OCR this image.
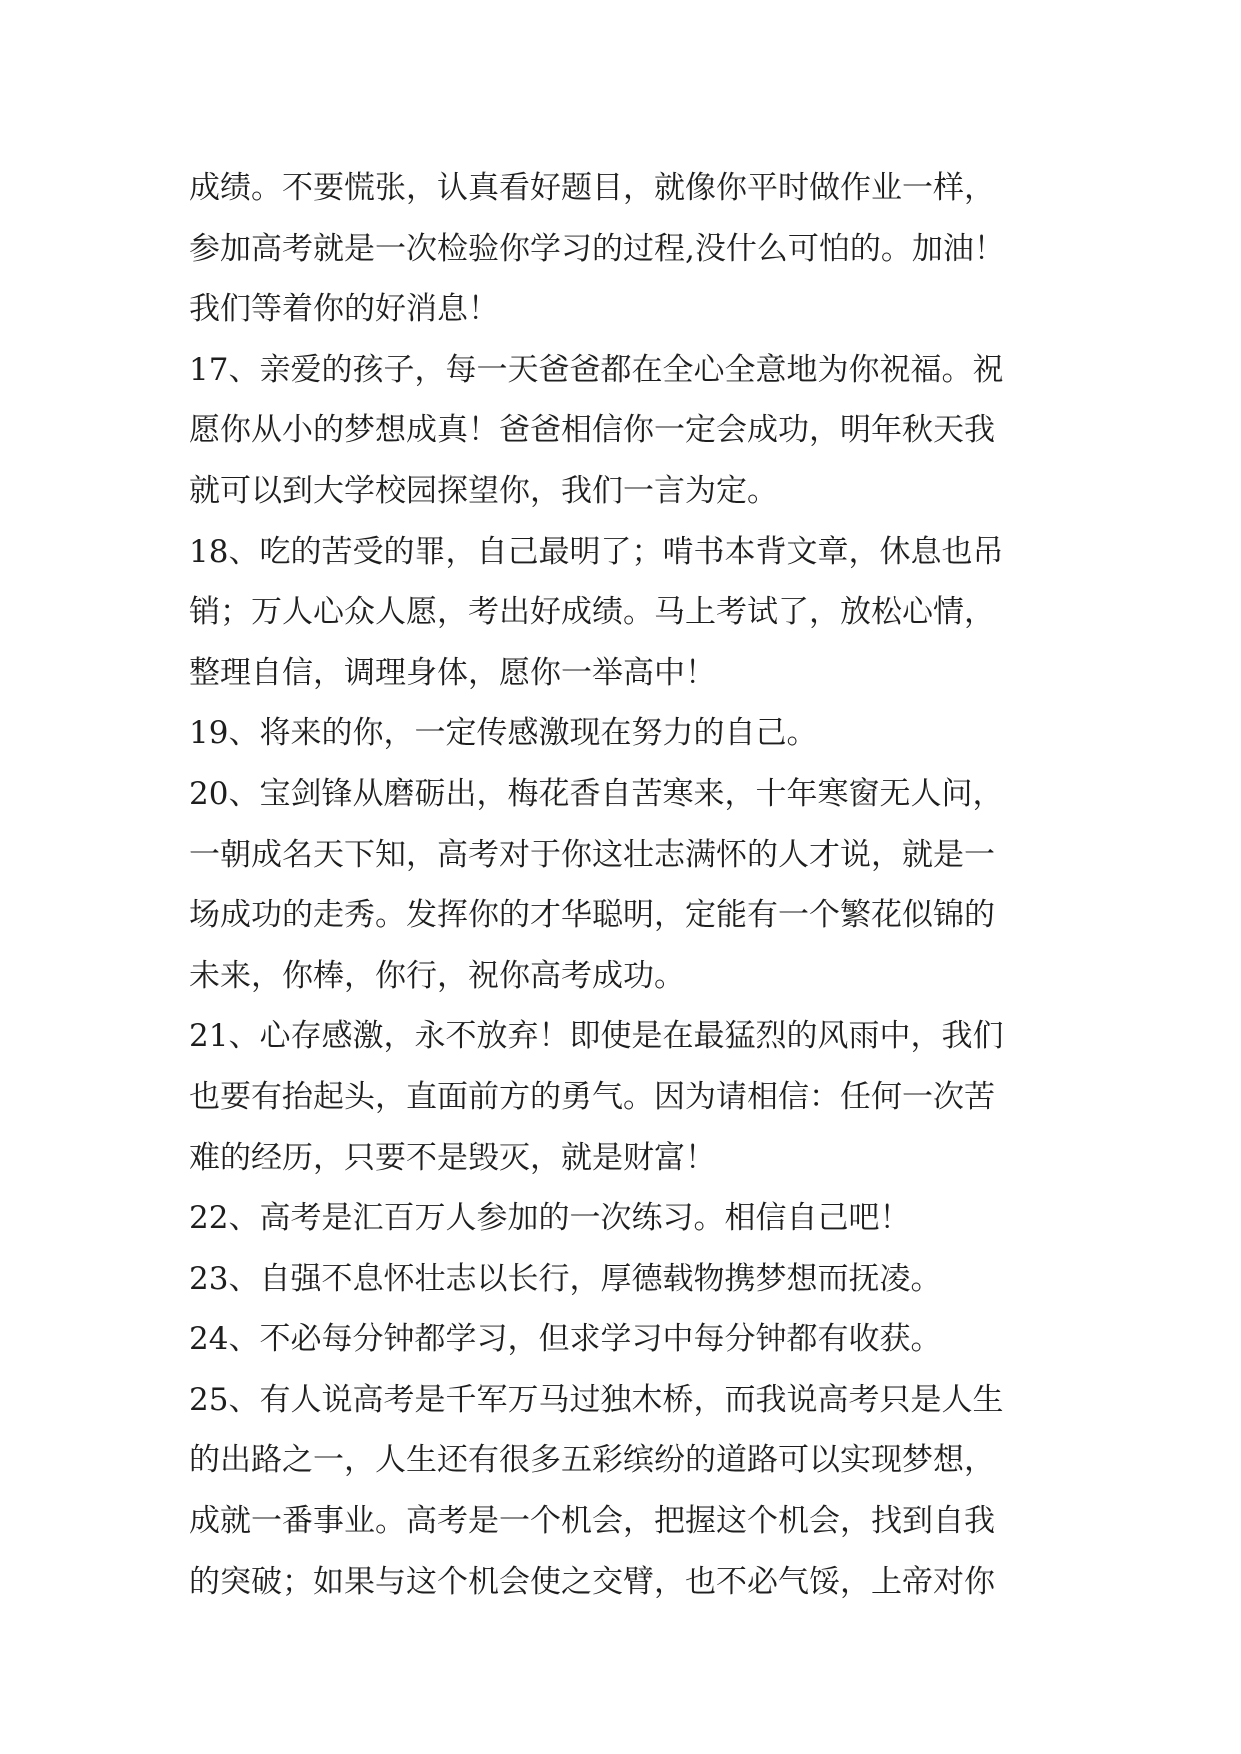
成绩。不要慌张，认真看好题目，就像你平时做作业一样，
参加高考就是一次检验你学习的过程,没什么可怕的。加油！
我们等着你的好消息！
17、亲爱的孩子，每一天爸爸都在全心全意地为你祝福。祝
愿你从小的梦想成真！爸爸相信你一定会成功，明年秋天我
就可以到大学校园探望你，我们一言为定。
18、吃的苦受的罪，自己最明了；啃书本背文章，休息也吊
销；万人心众人愿，考出好成绩。马上考试了，放松心情，
整理自信，调理身体，愿你一举高中！
19、将来的你，一定传感激现在努力的自己。
20、宝剑锋从磨砺出，梅花香自苦寒来，十年寒窗无人问，
一朝成名天下知，高考对于你这壮志满怀的人才说，就是一
场成功的走秀。发挥你的才华聪明，定能有一个繁花似锦的
未来，你棒，你行，祝你高考成功。
21、心存感激，永不放弃！即使是在最猛烈的风雨中，我们
也要有抬起头，直面前方的勇气。因为请相信：任何一次苦
难的经历，只要不是毁灭，就是财富！
22、高考是汇百万人参加的一次练习。相信自己吧！
23、自强不息怀壮志以长行，厚德载物携梦想而抚凌。
24、不必每分钟都学习，但求学习中每分钟都有收获。
25、有人说高考是千军万马过独木桥，而我说高考只是人生
的出路之一，人生还有很多五彩缤纷的道路可以实现梦想，
成就一番事业。高考是一个机会，把握这个机会，找到自我
的突破；如果与这个机会使之交臂，也不必气馁，上帝对你
